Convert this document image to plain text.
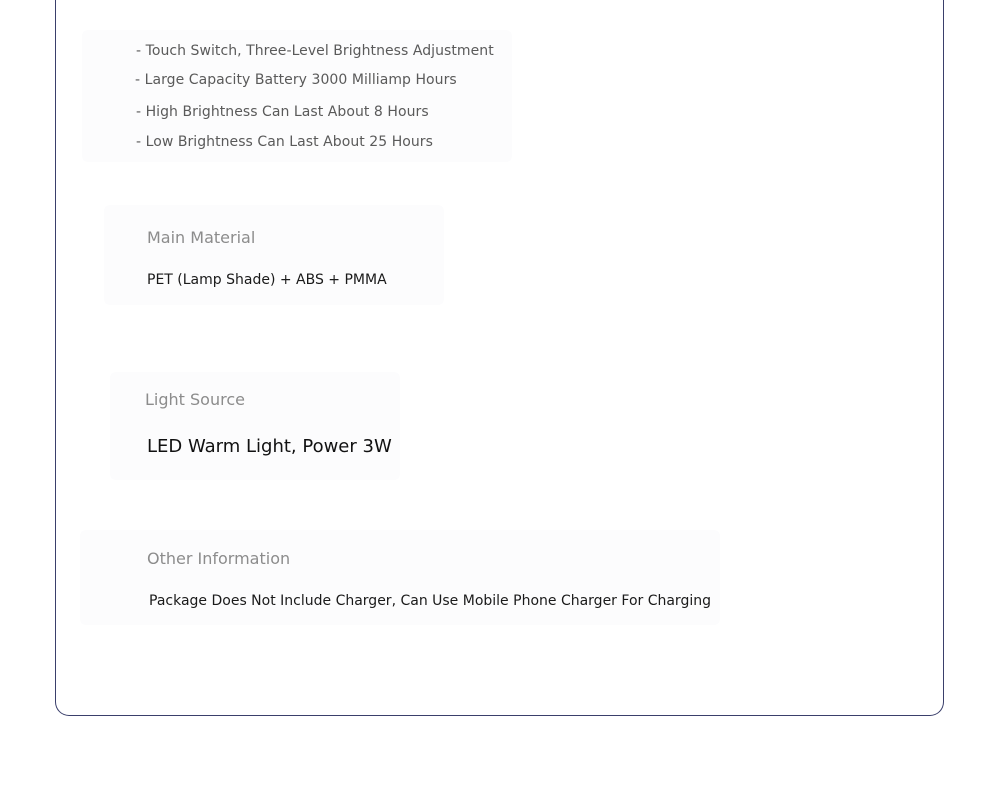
- Touch Switch, Three-Level Brightness Adjustment
- Large Capacity Battery 3000 Milliamp Hours
- High Brightness Can Last About 8 Hours
- Low Brightness Can Last About 25 Hours
Main Material
PET (Lamp Shade) + ABS + PMMA
Light Source
LED Warm Light, Power 3W
Other Information
Package Does Not Include Charger, Can Use Mobile Phone Charger For Charging
